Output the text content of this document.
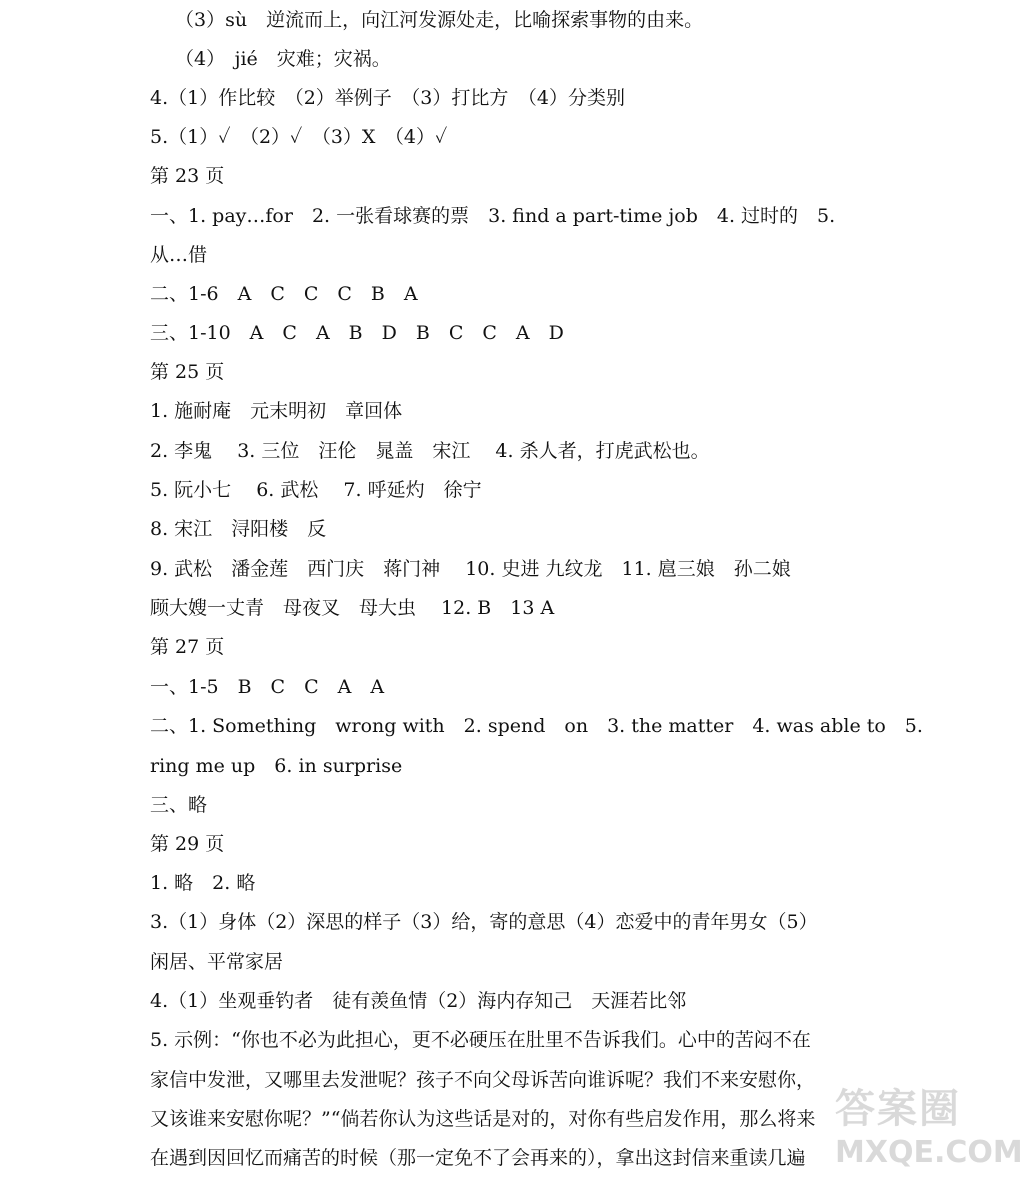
（3）sù　逆流而上，向江河发源处走，比喻探索事物的由来。
（4）　jié　灾难；灾祸。
4.（1）作比较　（2）举例子　（3）打比方　（4）分类别
5.（1）✓　（2）✓　（3）X　（4）✓
第 23 页
一、1. pay…for　2. 一张看球赛的票　3. find a part-time job　4. 过时的　5.
从…借
二、1-6　A　C　C　C　B　A
三、1-10　A　C　A　B　D　B　C　C　A　D
第 25 页
1. 施耐庵　元末明初　章回体
2. 李鬼　 3. 三位　汪伦　晁盖　宋江　 4. 杀人者，打虎武松也。
5. 阮小七　 6. 武松　 7. 呼延灼　徐宁
8. 宋江　浔阳楼　反
9. 武松　潘金莲　西门庆　蒋门神　 10. 史进 九纹龙　11. 扈三娘　孙二娘
顾大嫂一丈青　母夜叉　母大虫　 12. B　13 A
第 27 页
一、1-5　B　C　C　A　A
二、1. Something　wrong with　2. spend　on　3. the matter　4. was able to　5.
ring me up　6. in surprise
三、略
第 29 页
1. 略　2. 略
3.（1）身体（2）深思的样子（3）给，寄的意思（4）恋爱中的青年男女（5）
闲居、平常家居
4.（1）坐观垂钓者　徒有羡鱼情（2）海内存知己　天涯若比邻
5. 示例：“你也不必为此担心，更不必硬压在肚里不告诉我们。心中的苦闷不在
家信中发泄，又哪里去发泄呢？孩子不向父母诉苦向谁诉呢？我们不来安慰你，
又该谁来安慰你呢？”“倘若你认为这些话是对的，对你有些启发作用，那么将来
在遇到因回忆而痛苦的时候（那一定免不了会再来的），拿出这封信来重读几遍
答案圈
MXQE.COM
